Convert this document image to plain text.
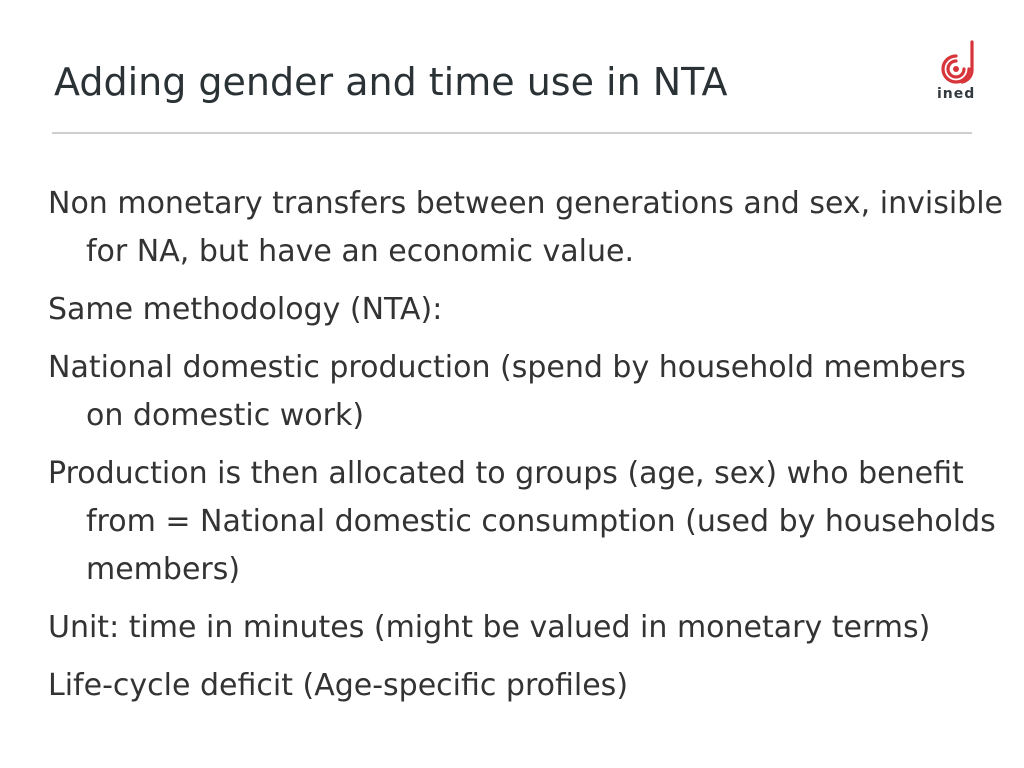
Adding gender and time use in NTA	ined

Non monetary transfers between generations and sex, invisible for NA, but have an economic value.

Same methodology (NTA):

National domestic production (spend by household members on domestic work)

Production is then allocated to groups (age, sex) who benefit from = National domestic consumption (used by households members)

Unit: time in minutes (might be valued in monetary terms)

Life-cycle deficit (Age-specific profiles)
